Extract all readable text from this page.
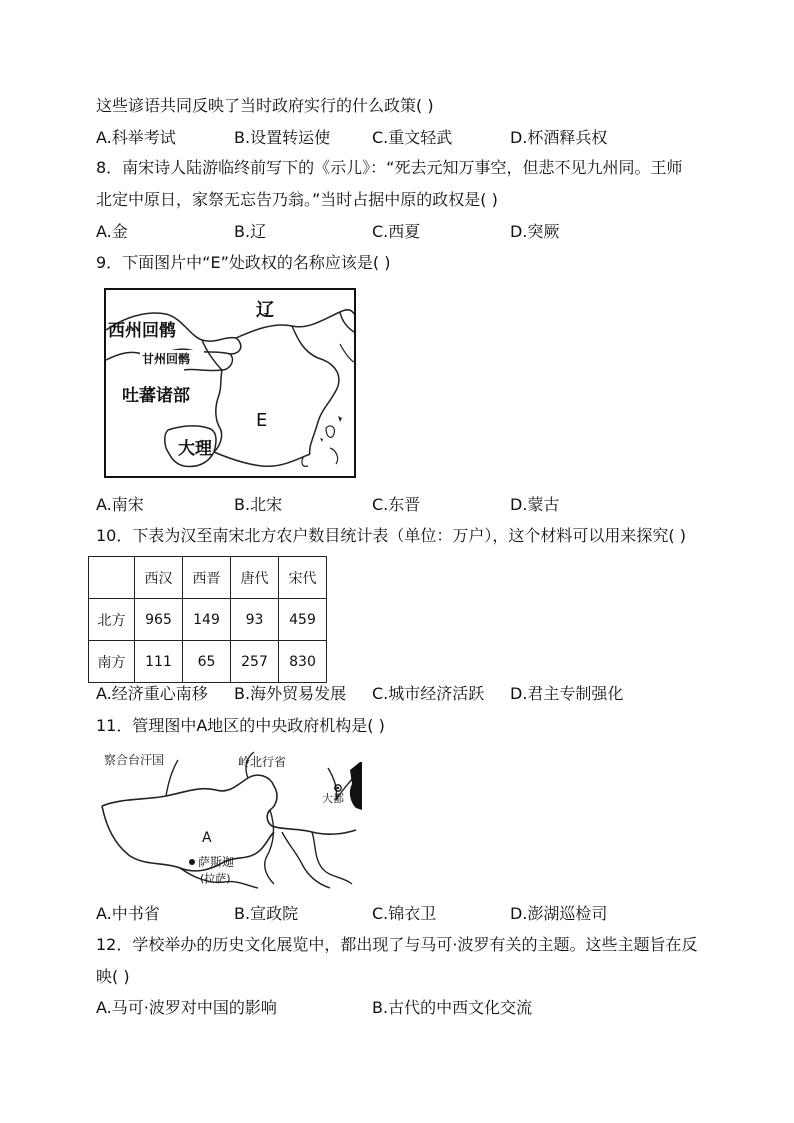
这些谚语共同反映了当时政府实行的什么政策( )
A.科举考试	B.设置转运使	C.重文轻武	D.杯酒释兵权
8．南宋诗人陆游临终前写下的《示儿》：“死去元知万事空，但悲不见九州同。王师
北定中原日，家祭无忘告乃翁。”当时占据中原的政权是( )
A.金	B.辽	C.西夏	D.突厥
9．下面图片中“E”处政权的名称应该是( )
辽
西州回鹘
甘州回鹘
吐蕃诸部
E
大理
A.南宋	B.北宋	C.东晋	D.蒙古
10．下表为汉至南宋北方农户数目统计表（单位：万户），这个材料可以用来探究( )
	西汉	西晋	唐代	宋代
北方	965	149	93	459
南方	111	65	257	830
A.经济重心南移 B.海外贸易发展 C.城市经济活跃 D.君主专制强化
11．管理图中A地区的中央政府机构是( )
察合台汗国	岭北行省
大都
A
萨斯迦
(拉萨)
A.中书省	B.宣政院	C.锦衣卫	D.澎湖巡检司
12．学校举办的历史文化展览中，都出现了与马可·波罗有关的主题。这些主题旨在反
映( )
A.马可·波罗对中国的影响	B.古代的中西文化交流
